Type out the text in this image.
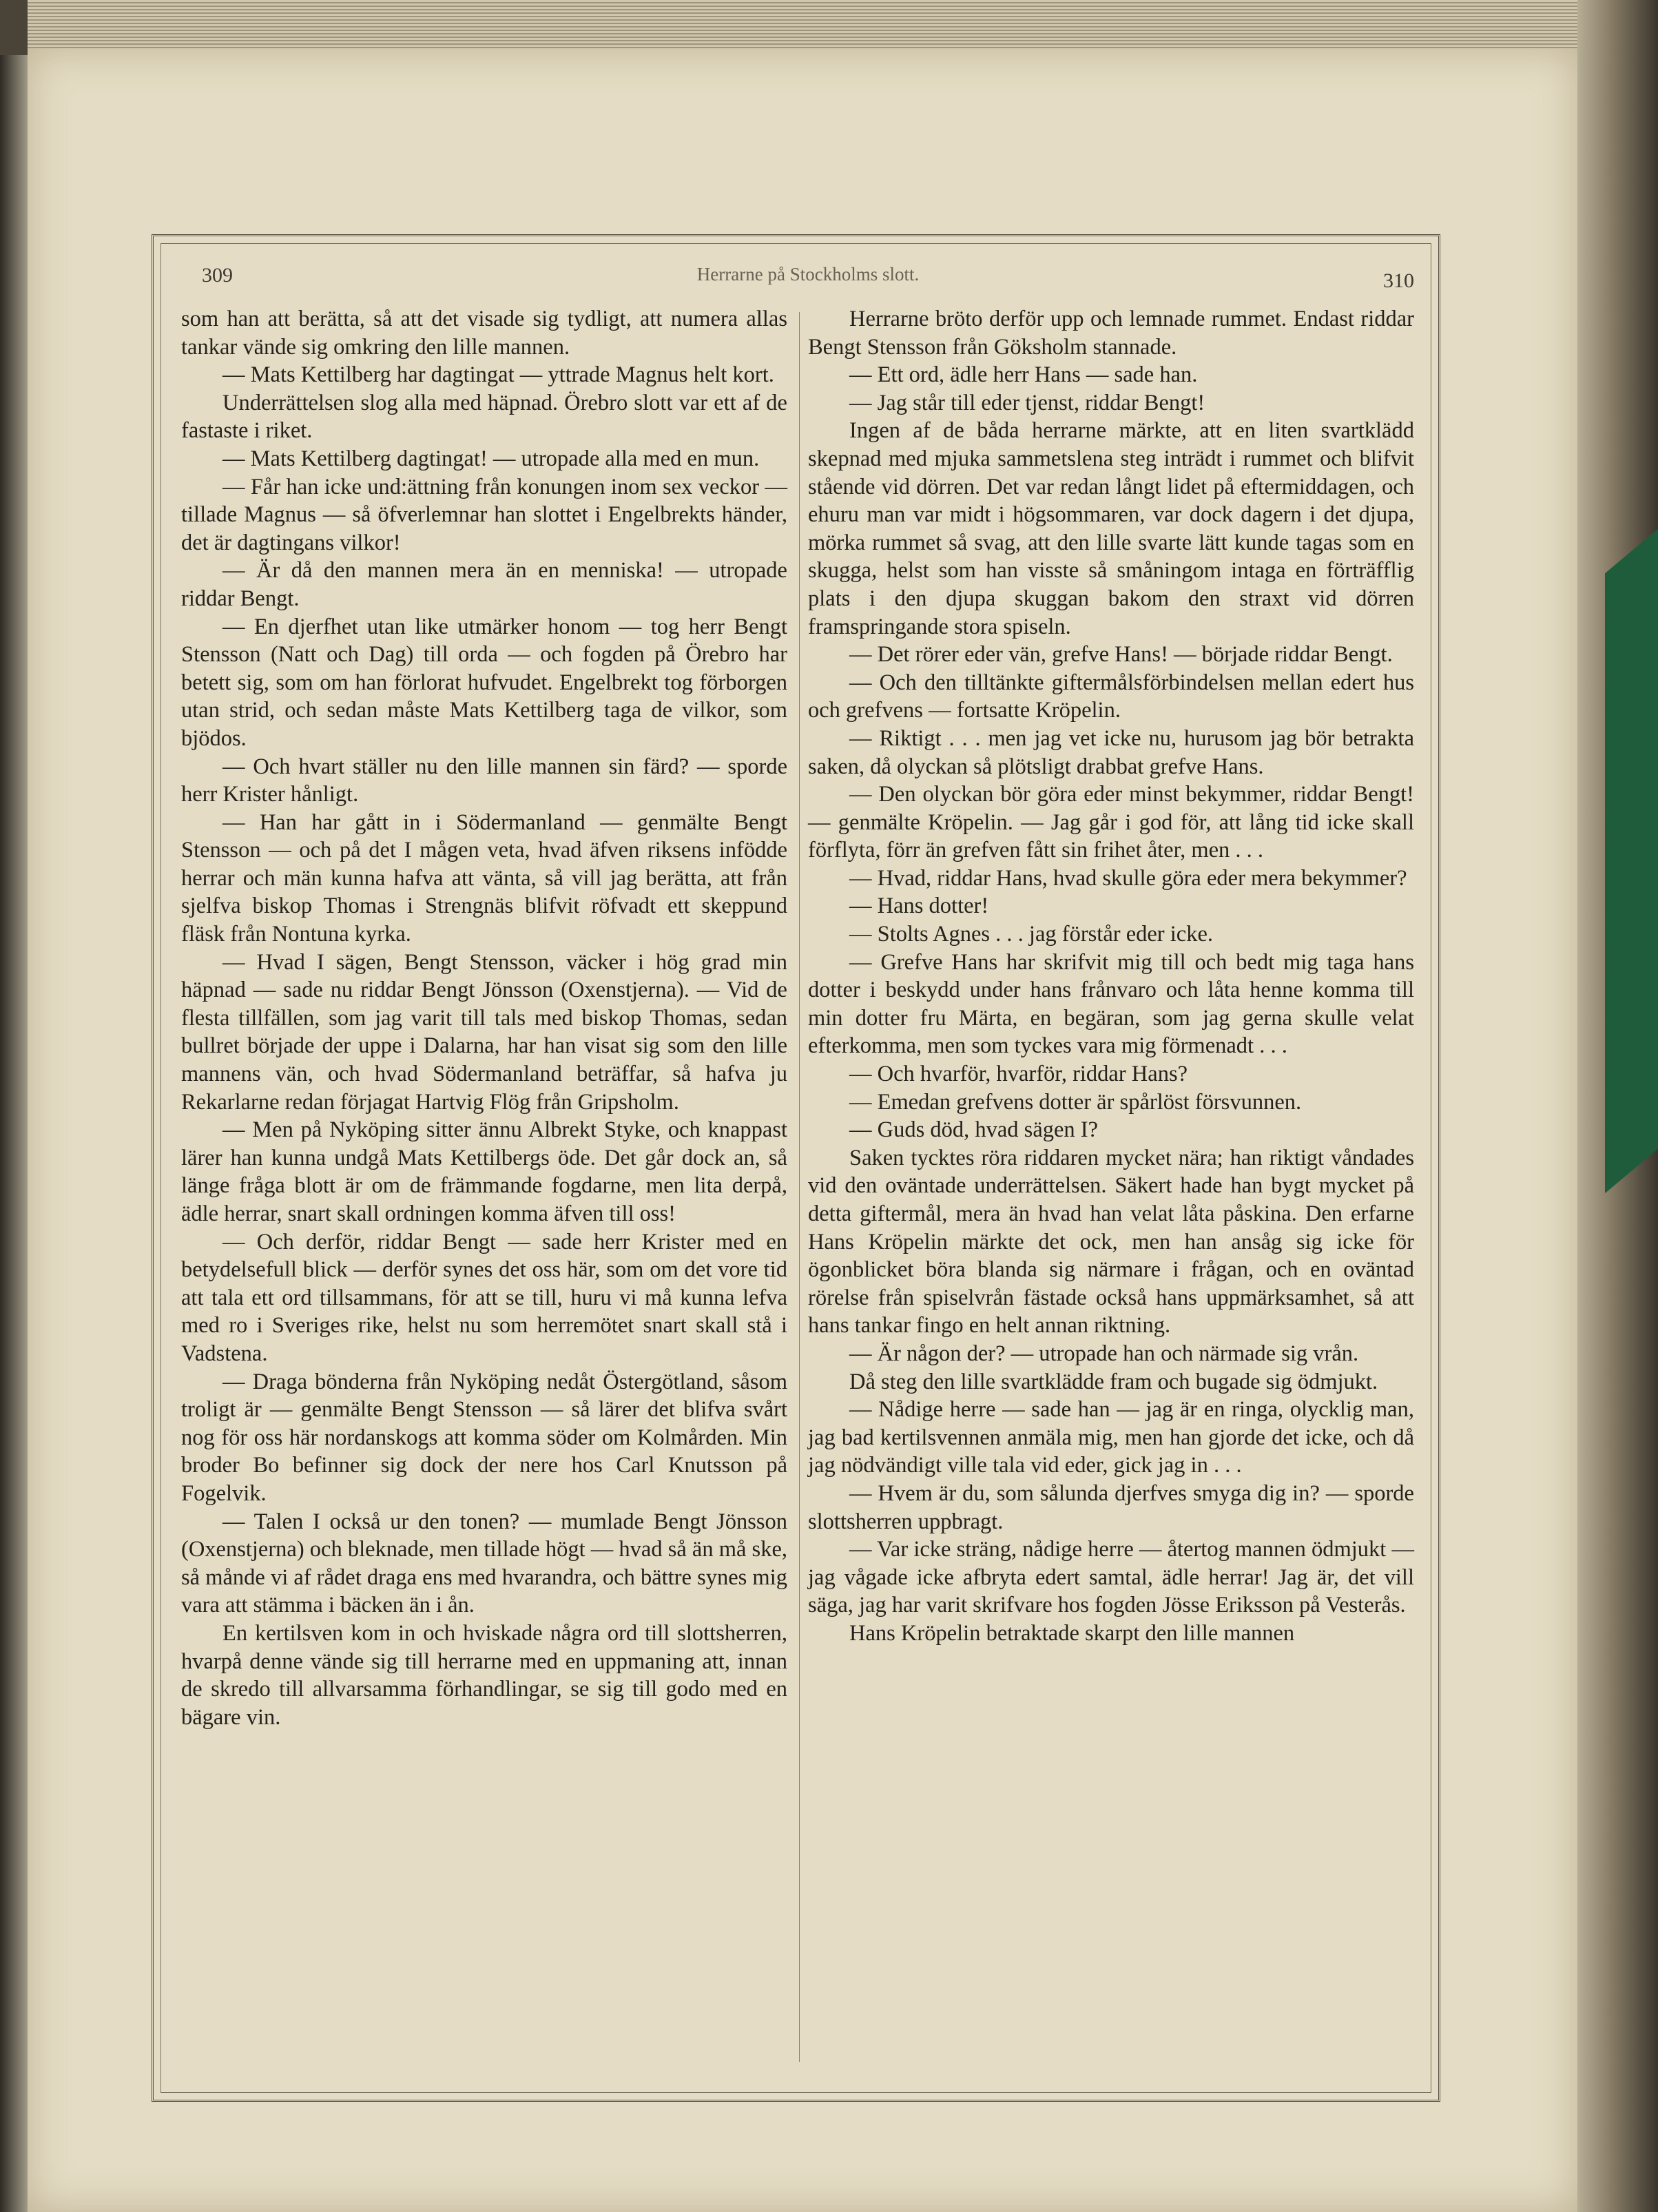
309	Herrarne på Stockholms slott.	310

som han att berätta, så att det visade sig tydligt, att numera allas tankar vände sig omkring den lille mannen.

— Mats Kettilberg har dagtingat — yttrade Magnus helt kort.

Underrättelsen slog alla med häpnad. Örebro slott var ett af de fastaste i riket.

— Mats Kettilberg dagtingat! — utropade alla med en mun.

— Får han icke und:ättning från konungen inom sex veckor — tillade Magnus — så öfverlemnar han slottet i Engelbrekts händer, det är dagtingans vilkor!

— Är då den mannen mera än en menniska! — utropade riddar Bengt.

— En djerfhet utan like utmärker honom — tog herr Bengt Stensson (Natt och Dag) till orda — och fogden på Örebro har betett sig, som om han förlorat hufvudet. Engelbrekt tog förborgen utan strid, och sedan måste Mats Kettilberg taga de vilkor, som bjödos.

— Och hvart ställer nu den lille mannen sin färd? — sporde herr Krister hånligt.

— Han har gått in i Södermanland — genmälte Bengt Stensson — och på det I mågen veta, hvad äfven riksens infödde herrar och män kunna hafva att vänta, så vill jag berätta, att från sjelfva biskop Thomas i Strengnäs blifvit röfvadt ett skeppund fläsk från Nontuna kyrka.

— Hvad I sägen, Bengt Stensson, väcker i hög grad min häpnad — sade nu riddar Bengt Jönsson (Oxenstjerna). — Vid de flesta tillfällen, som jag varit till tals med biskop Thomas, sedan bullret började der uppe i Dalarna, har han visat sig som den lille mannens vän, och hvad Södermanland beträffar, så hafva ju Rekarlarne redan förjagat Hartvig Flög från Gripsholm.

— Men på Nyköping sitter ännu Albrekt Styke, och knappast lärer han kunna undgå Mats Kettilbergs öde. Det går dock an, så länge fråga blott är om de främmande fogdarne, men lita derpå, ädle herrar, snart skall ordningen komma äfven till oss!

— Och derför, riddar Bengt — sade herr Krister med en betydelsefull blick — derför synes det oss här, som om det vore tid att tala ett ord tillsammans, för att se till, huru vi må kunna lefva med ro i Sveriges rike, helst nu som herremötet snart skall stå i Vadstena.

— Draga bönderna från Nyköping nedåt Östergötland, såsom troligt är — genmälte Bengt Stensson — så lärer det blifva svårt nog för oss här nordanskogs att komma söder om Kolmården. Min broder Bo befinner sig dock der nere hos Carl Knutsson på Fogelvik.

— Talen I också ur den tonen? — mumlade Bengt Jönsson (Oxenstjerna) och bleknade, men tillade högt — hvad så än må ske, så månde vi af rådet draga ens med hvarandra, och bättre synes mig vara att stämma i bäcken än i ån.

En kertilsven kom in och hviskade några ord till slottsherren, hvarpå denne vände sig till herrarne med en uppmaning att, innan de skredo till allvarsamma förhandlingar, se sig till godo med en bägare vin.

Herrarne bröto derför upp och lemnade rummet. Endast riddar Bengt Stensson från Göksholm stannade.

— Ett ord, ädle herr Hans — sade han.

— Jag står till eder tjenst, riddar Bengt!

Ingen af de båda herrarne märkte, att en liten svartklädd skepnad med mjuka sammetslena steg inträdt i rummet och blifvit stående vid dörren. Det var redan långt lidet på eftermiddagen, och ehuru man var midt i högsommaren, var dock dagern i det djupa, mörka rummet så svag, att den lille svarte lätt kunde tagas som en skugga, helst som han visste så småningom intaga en förträfflig plats i den djupa skuggan bakom den straxt vid dörren framspringande stora spiseln.

— Det rörer eder vän, grefve Hans! — började riddar Bengt.

— Och den tilltänkte giftermålsförbindelsen mellan edert hus och grefvens — fortsatte Kröpelin.

— Riktigt . . . men jag vet icke nu, hurusom jag bör betrakta saken, då olyckan så plötsligt drabbat grefve Hans.

— Den olyckan bör göra eder minst bekymmer, riddar Bengt! — genmälte Kröpelin. — Jag går i god för, att lång tid icke skall förflyta, förr än grefven fått sin frihet åter, men . . .

— Hvad, riddar Hans, hvad skulle göra eder mera bekymmer?

— Hans dotter!

— Stolts Agnes . . . jag förstår eder icke.

— Grefve Hans har skrifvit mig till och bedt mig taga hans dotter i beskydd under hans frånvaro och låta henne komma till min dotter fru Märta, en begäran, som jag gerna skulle velat efterkomma, men som tyckes vara mig förmenadt . . .

— Och hvarför, hvarför, riddar Hans?

— Emedan grefvens dotter är spårlöst försvunnen.

— Guds död, hvad sägen I?

Saken tycktes röra riddaren mycket nära; han riktigt våndades vid den oväntade underrättelsen. Säkert hade han bygt mycket på detta giftermål, mera än hvad han velat låta påskina. Den erfarne Hans Kröpelin märkte det ock, men han ansåg sig icke för ögonblicket böra blanda sig närmare i frågan, och en oväntad rörelse från spiselvrån fästade också hans uppmärksamhet, så att hans tankar fingo en helt annan riktning.

— Är någon der? — utropade han och närmade sig vrån.

Då steg den lille svartklädde fram och bugade sig ödmjukt.

— Nådige herre — sade han — jag är en ringa, olycklig man, jag bad kertilsvennen anmäla mig, men han gjorde det icke, och då jag nödvändigt ville tala vid eder, gick jag in . . .

— Hvem är du, som sålunda djerfves smyga dig in? — sporde slottsherren uppbragt.

— Var icke sträng, nådige herre — återtog mannen ödmjukt — jag vågade icke afbryta edert samtal, ädle herrar! Jag är, det vill säga, jag har varit skrifvare hos fogden Jösse Eriksson på Vesterås.

Hans Kröpelin betraktade skarpt den lille mannen
